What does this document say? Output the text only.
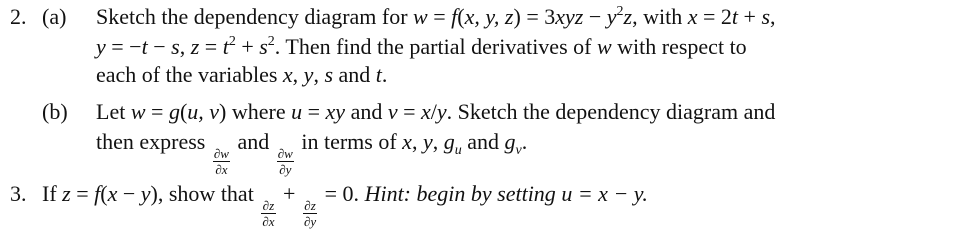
2. (a) Sketch the dependency diagram for w = f(x, y, $z) = 3xyz - y^2z$, with x = 2t + s,
y = −t − s, $z = t^2 + s^2$. Then find the partial derivatives of w with respect to
each of the variables x, y, s and t.
(b) Let w = g(u, v) where u = xy and v = x/y. Sketch the dependency diagram and
then express
$\frac{\partial w}{\partial x}$
and
$\frac{\partial w}{\partial y}$
in terms of x, y, $g_u$ and $g_v$.
3. If z = f(x − y), show that
$\frac{\partial z}{\partial x}$
+
$\frac{\partial z}{\partial y}$
= 0. Hint: begin by setting u = x − y.
